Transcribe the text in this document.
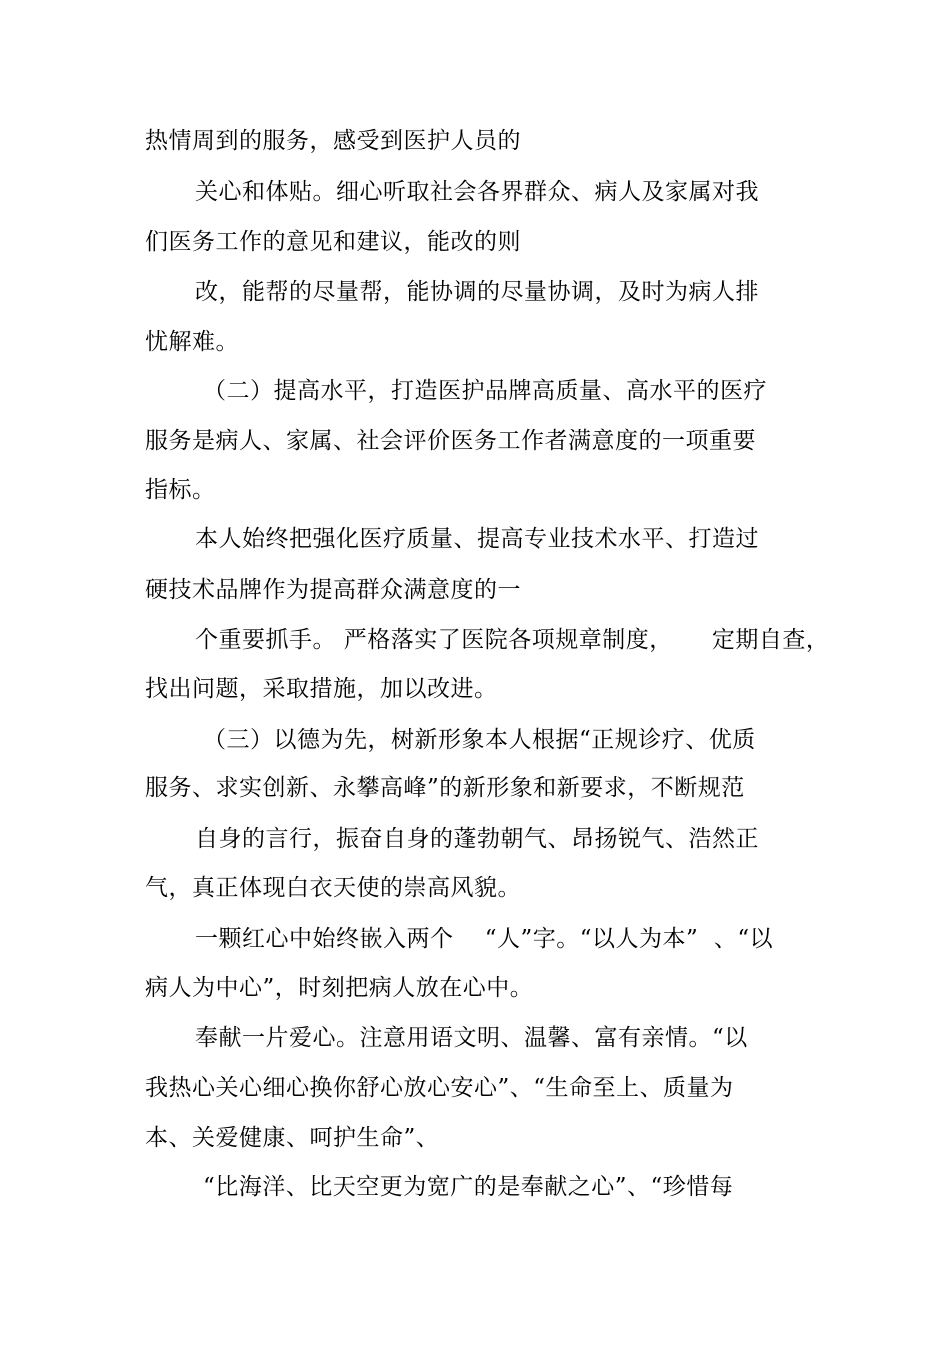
热情周到的服务，感受到医护人员的
关心和体贴。细心听取社会各界群众、病人及家属对我
们医务工作的意见和建议，能改的则
改，能帮的尽量帮，能协调的尽量协调，及时为病人排
忧解难。
（二）提高水平，打造医护品牌高质量、高水平的医疗
服务是病人、家属、社会评价医务工作者满意度的一项重要
指标。
本人始终把强化医疗质量、提高专业技术水平、打造过
硬技术品牌作为提高群众满意度的一
个重要抓手。 严格落实了医院各项规章制度，     定期自查，
找出问题，采取措施，加以改进。
（三）以德为先，树新形象本人根据“正规诊疗、优质
服务、求实创新、永攀高峰”的新形象和新要求，不断规范
自身的言行，振奋自身的蓬勃朝气、昂扬锐气、浩然正
气，真正体现白衣天使的崇高风貌。
一颗红心中始终嵌入两个    “人”字。“以人为本”  、“以
病人为中心”，时刻把病人放在心中。
奉献一片爱心。注意用语文明、温馨、富有亲情。“以
我热心关心细心换你舒心放心安心”、“生命至上、质量为
本、关爱健康、呵护生命”、
“比海洋、比天空更为宽广的是奉献之心”、“珍惜每
